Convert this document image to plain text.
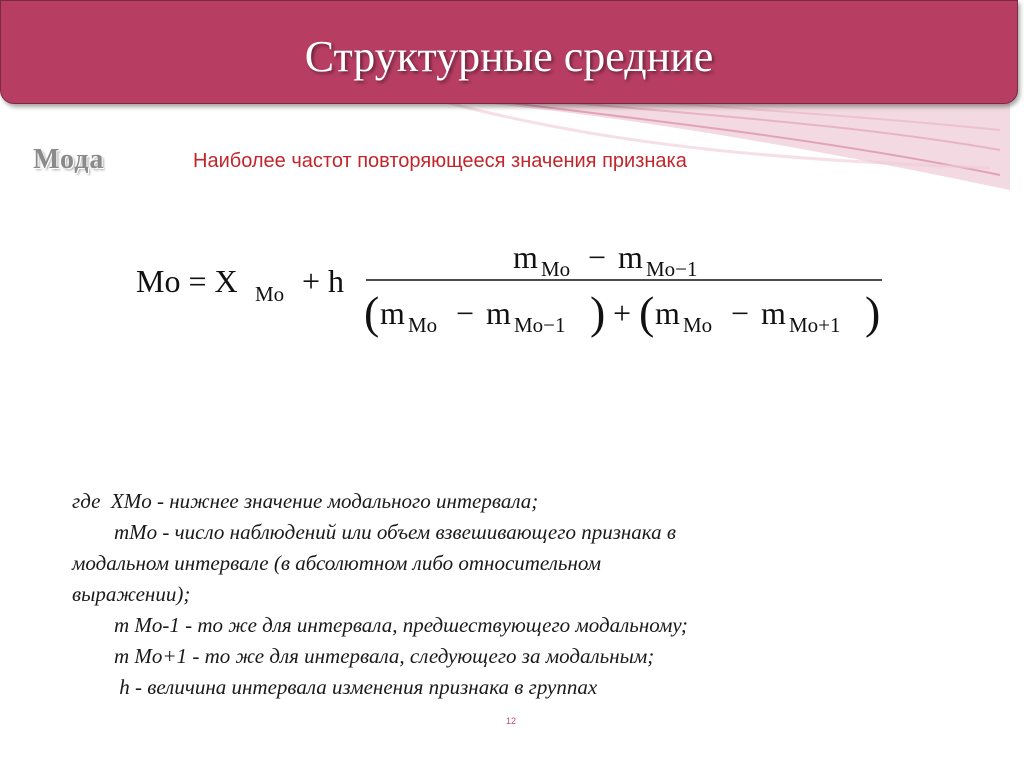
Структурные средние
Мода	Наиболее частот повторяющееся значения признака
Mo = X Mo + h
m Mo − m Mo−1
( m Mo − m Mo−1 ) + ( m Mo − m Mo+1 )
где  XMo - нижнее значение модального интервала;
mMo - число наблюдений или объем взвешивающего признака в
модальном интервале (в абсолютном либо относительном
выражении);
m Mo-1 - то же для интервала, предшествующего модальному;
m Mo+1 - то же для интервала, следующего за модальным;
h - величина интервала изменения признака в группах
12
